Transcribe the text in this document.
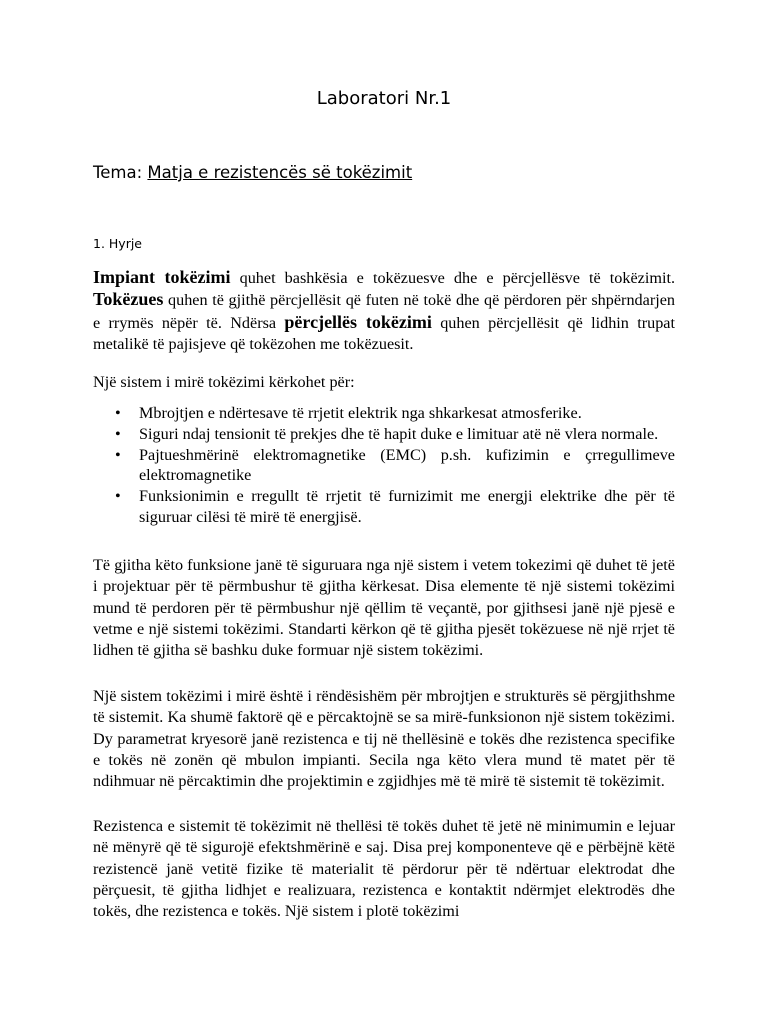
Laboratori Nr.1
Tema: Matja e rezistencës së tokëzimit
1. Hyrje
Impiant tokëzimi quhet bashkësia e tokëzuesve dhe e përcjellësve të tokëzimit. Tokëzues quhen të gjithë përcjellësit që futen në tokë dhe që përdoren për shpërndarjen e rrymës nëpër të. Ndërsa përcjellës tokëzimi quhen përcjellësit që lidhin trupat metalikë të pajisjeve që tokëzohen me tokëzuesit.
Një sistem i mirë tokëzimi kërkohet për:
• Mbrojtjen e ndërtesave të rrjetit elektrik nga shkarkesat atmosferike.
• Siguri ndaj tensionit të prekjes dhe të hapit duke e limituar atë në vlera normale.
• Pajtueshmërinë elektromagnetike (EMC) p.sh. kufizimin e çrregullimeve elektromagnetike
• Funksionimin e rregullt të rrjetit të furnizimit me energji elektrike dhe për të siguruar cilësi të mirë të energjisë.
Të gjitha këto funksione janë të siguruara nga një sistem i vetem tokezimi që duhet të jetë i projektuar për të përmbushur të gjitha kërkesat. Disa elemente të një sistemi tokëzimi mund të perdoren për të përmbushur një qëllim të veçantë, por gjithsesi janë një pjesë e vetme e një sistemi tokëzimi. Standarti kërkon që të gjitha pjesët tokëzuese në një rrjet të lidhen të gjitha së bashku duke formuar një sistem tokëzimi.
Një sistem tokëzimi i mirë është i rëndësishëm për mbrojtjen e strukturës së përgjithshme të sistemit. Ka shumë faktorë që e përcaktojnë se sa mirë-funksionon një sistem tokëzimi. Dy parametrat kryesorë janë rezistenca e tij në thellësinë e tokës dhe rezistenca specifike e tokës në zonën që mbulon impianti. Secila nga këto vlera mund të matet për të ndihmuar në përcaktimin dhe projektimin e zgjidhjes më të mirë të sistemit të tokëzimit.
Rezistenca e sistemit të tokëzimit në thellësi të tokës duhet të jetë në minimumin e lejuar në mënyrë që të sigurojë efektshmërinë e saj. Disa prej komponenteve që e përbëjnë këtë rezistencë janë vetitë fizike të materialit të përdorur për të ndërtuar elektrodat dhe përçuesit, të gjitha lidhjet e realizuara, rezistenca e kontaktit ndërmjet elektrodës dhe tokës, dhe rezistenca e tokës. Një sistem i plotë tokëzimi
